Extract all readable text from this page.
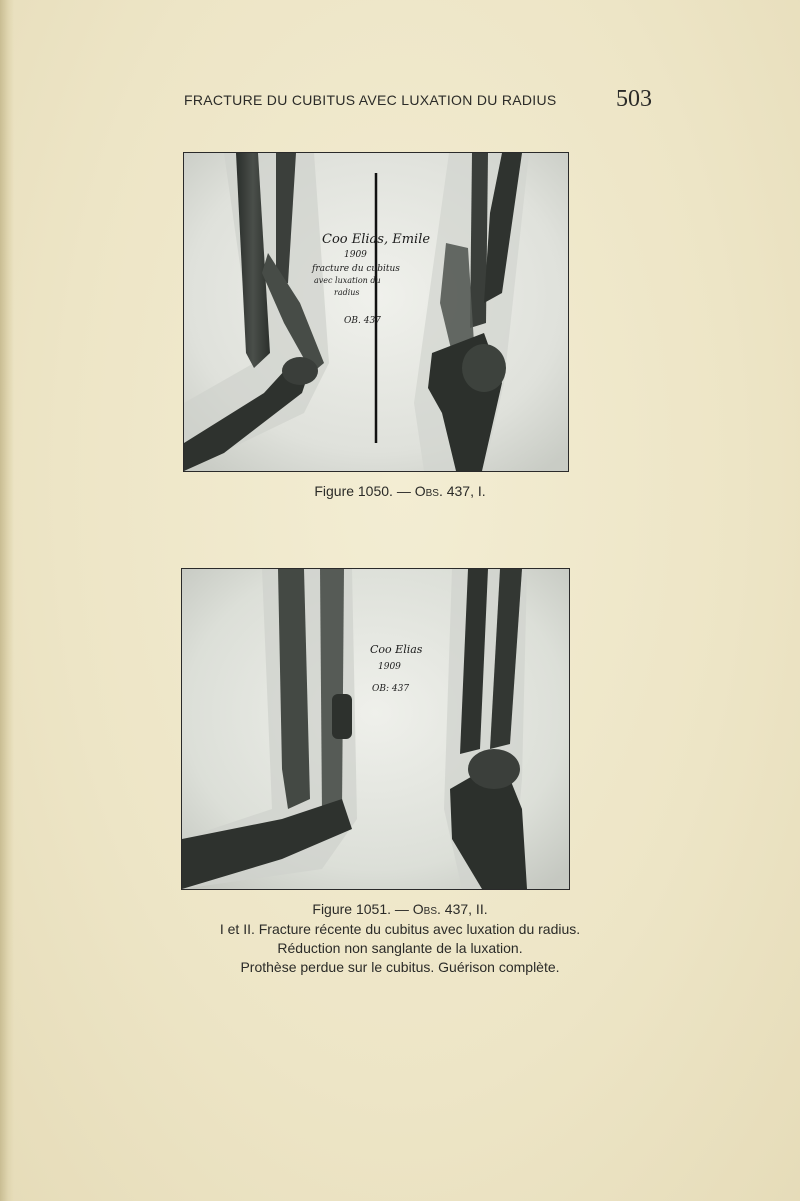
FRACTURE DU CUBITUS AVEC LUXATION DU RADIUS	503
Coo Elias, Emile
1909
fracture du cubitus
avec luxation du
radius
OB. 437
Figure 1050. — Obs. 437, I.
Coo Elias
1909
OB: 437
Figure 1051. — Obs. 437, II.
I et II. Fracture récente du cubitus avec luxation du radius.
Réduction non sanglante de la luxation.
Prothèse perdue sur le cubitus. Guérison complète.
